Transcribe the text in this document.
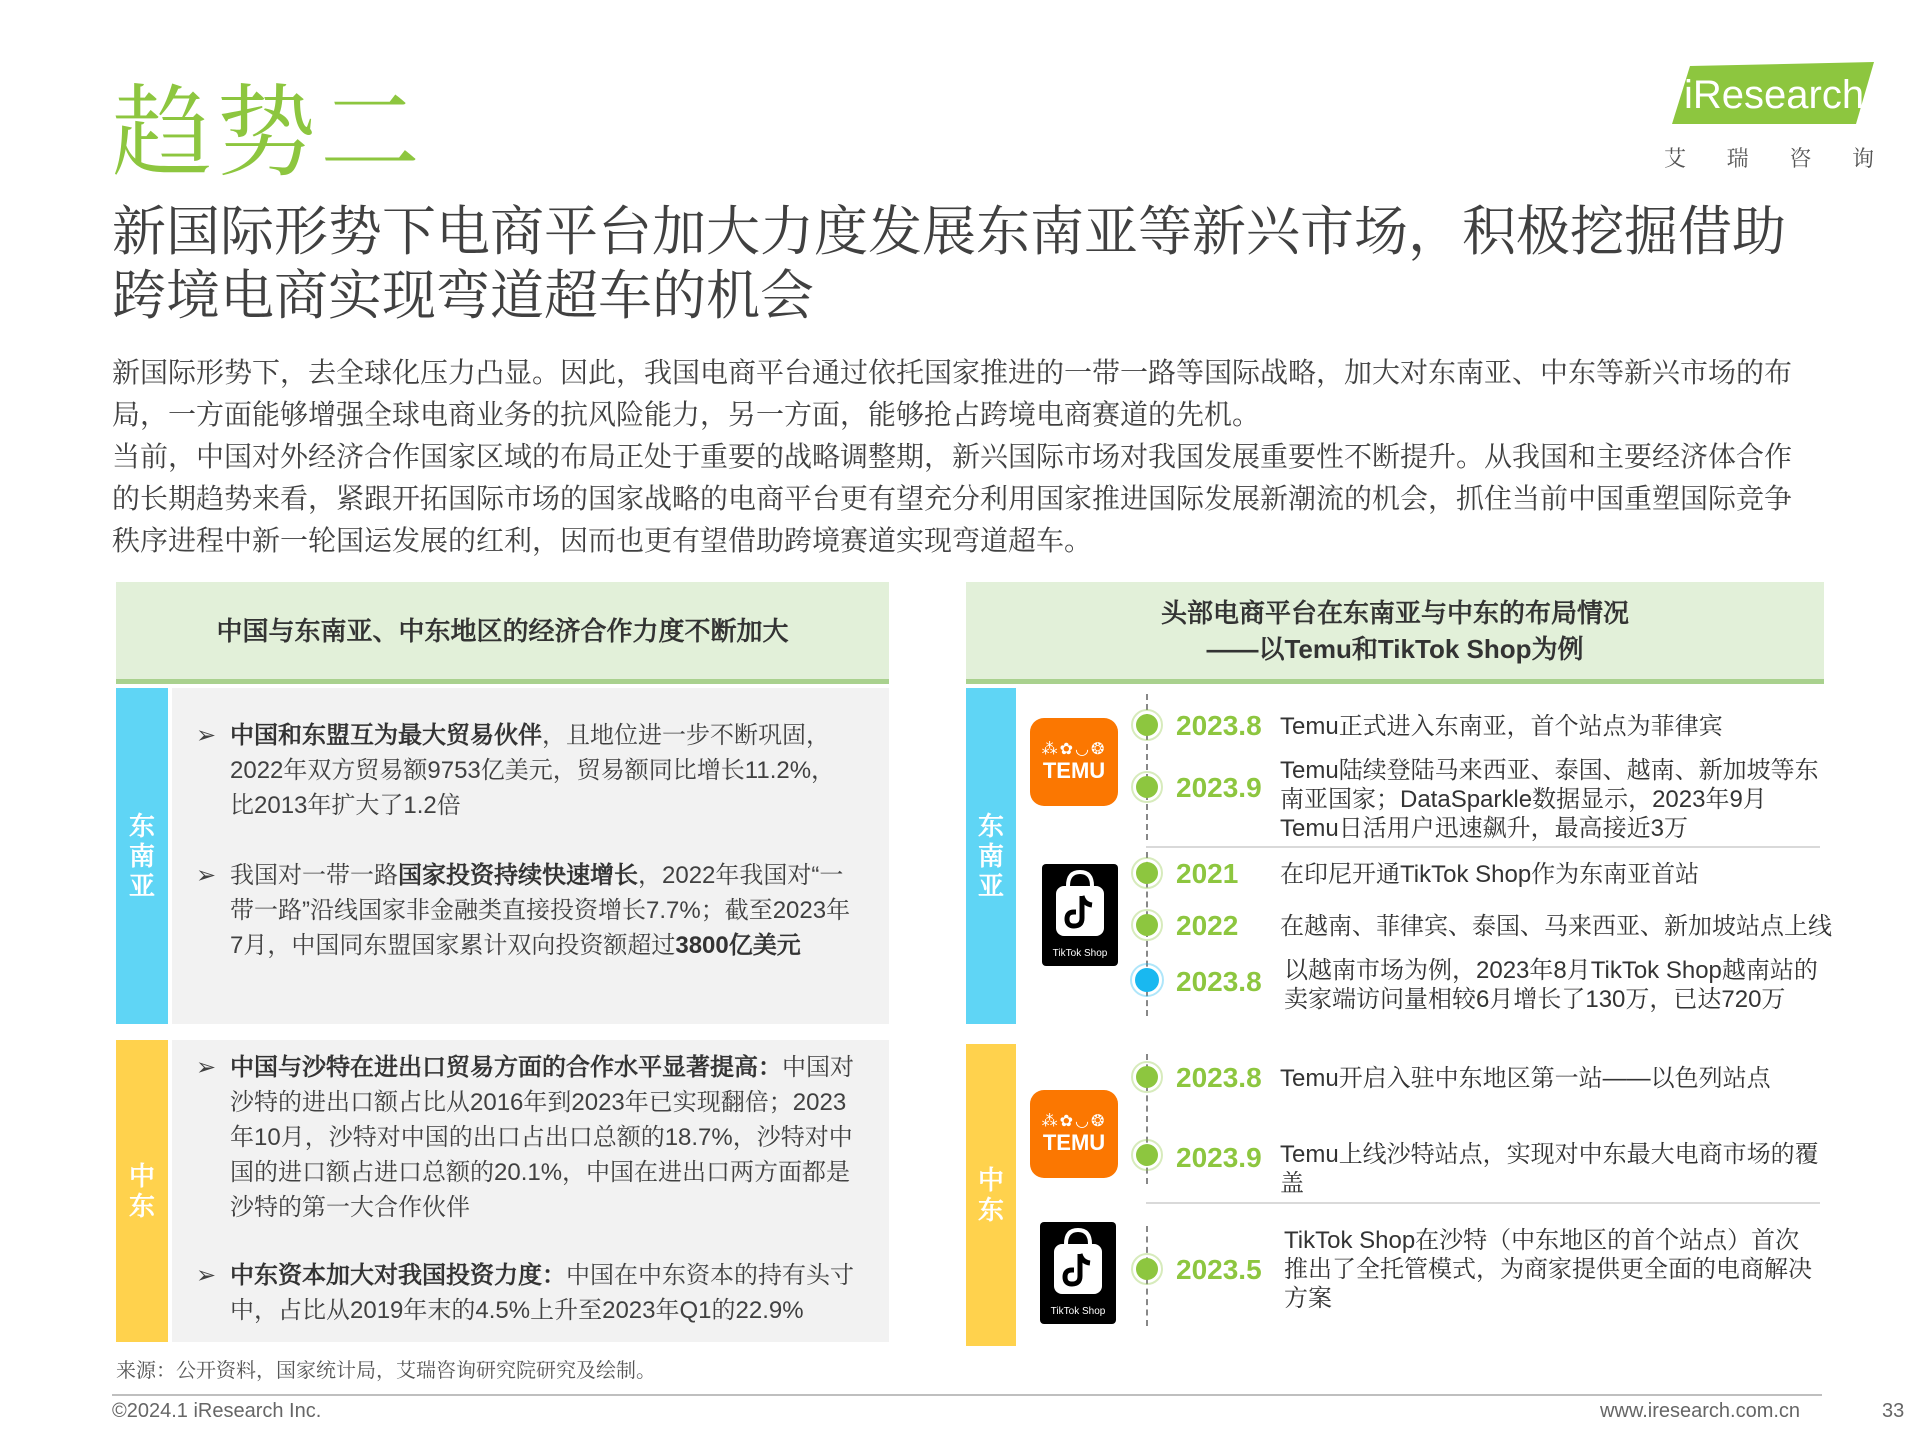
趋势二
新国际形势下电商平台加大力度发展东南亚等新兴市场，积极挖掘借助跨境电商实现弯道超车的机会
新国际形势下，去全球化压力凸显。因此，我国电商平台通过依托国家推进的一带一路等国际战略，加大对东南亚、中东等新兴市场的布局，一方面能够增强全球电商业务的抗风险能力，另一方面，能够抢占跨境电商赛道的先机。
当前，中国对外经济合作国家区域的布局正处于重要的战略调整期，新兴国际市场对我国发展重要性不断提升。从我国和主要经济体合作的长期趋势来看，紧跟开拓国际市场的国家战略的电商平台更有望充分利用国家推进国际发展新潮流的机会，抓住当前中国重塑国际竞争秩序进程中新一轮国运发展的红利，因而也更有望借助跨境赛道实现弯道超车。
iResearch
艾 瑞 咨 询
中国与东南亚、中东地区的经济合作力度不断加大
东
南
亚
➢ 中国和东盟互为最大贸易伙伴，且地位进一步不断巩固，2022年双方贸易额9753亿美元，贸易额同比增长11.2%，比2013年扩大了1.2倍
➢ 我国对一带一路国家投资持续快速增长，2022年我国对“一带一路”沿线国家非金融类直接投资增长7.7%；截至2023年7月，中国同东盟国家累计双向投资额超过3800亿美元
中
东
➢ 中国与沙特在进出口贸易方面的合作水平显著提高：中国对沙特的进出口额占比从2016年到2023年已实现翻倍；2023年10月，沙特对中国的出口占出口总额的18.7%，沙特对中国的进口额占进口总额的20.1%，中国在进出口两方面都是沙特的第一大合作伙伴
➢ 中东资本加大对我国投资力度：中国在中东资本的持有头寸中，占比从2019年末的4.5%上升至2023年Q1的22.9%
头部电商平台在东南亚与中东的布局情况
——以Temu和TikTok Shop为例
东
南
亚
中
东
⁂✿◡❂
TEMU
2023.8 Temu正式进入东南亚，首个站点为菲律宾
2023.9
Temu陆续登陆马来西亚、泰国、越南、新加坡等东南亚国家；DataSparkle数据显示，2023年9月Temu日活用户迅速飙升，最高接近3万
TikTok Shop
2021 在印尼开通TikTok Shop作为东南亚首站
2022 在越南、菲律宾、泰国、马来西亚、新加坡站点上线
2023.8 以越南市场为例，2023年8月TikTok Shop越南站的卖家端访问量相较6月增长了130万，已达720万
⁂✿◡❂
TEMU
2023.8 Temu开启入驻中东地区第一站——以色列站点
2023.9 Temu上线沙特站点，实现对中东最大电商市场的覆盖
TikTok Shop
2023.5
TikTok Shop在沙特（中东地区的首个站点）首次推出了全托管模式，为商家提供更全面的电商解决方案
来源：公开资料，国家统计局，艾瑞咨询研究院研究及绘制。
©2024.1 iResearch Inc.	www.iresearch.com.cn	33
